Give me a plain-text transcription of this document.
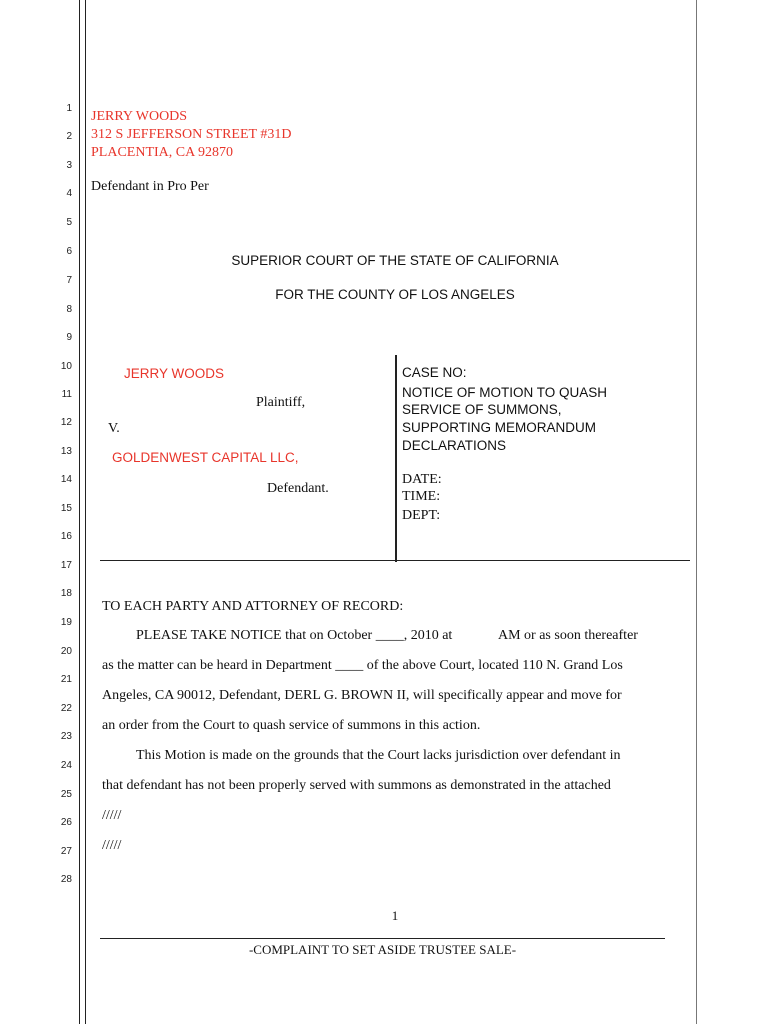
1
2
3
4
5
6
7
8
9
10
11
12
13
14
15
16
17
18
19
20
21
22
23
24
25
26
27
28
JERRY WOODS
312 S JEFFERSON STREET #31D
PLACENTIA, CA 92870
Defendant in Pro Per
SUPERIOR COURT OF THE STATE OF CALIFORNIA
FOR THE COUNTY OF LOS ANGELES
JERRY WOODS
Plaintiff,
V.
GOLDENWEST CAPITAL LLC,
Defendant.
CASE NO:
NOTICE OF MOTION TO QUASH
SERVICE OF SUMMONS,
SUPPORTING MEMORANDUM
DECLARATIONS
DATE:
TIME:
DEPT:
TO EACH PARTY AND ATTORNEY OF RECORD:
PLEASE TAKE NOTICE that on October ____, 2010 at	AM or as soon thereafter
as the matter can be heard in Department ____ of the above Court, located 110 N. Grand Los
Angeles, CA 90012, Defendant, DERL G. BROWN II, will specifically appear and move for
an order from the Court to quash service of summons in this action.
This Motion is made on the grounds that the Court lacks jurisdiction over defendant in
that defendant has not been properly served with summons as demonstrated in the attached
/////
/////
1
-COMPLAINT TO SET ASIDE TRUSTEE SALE-
